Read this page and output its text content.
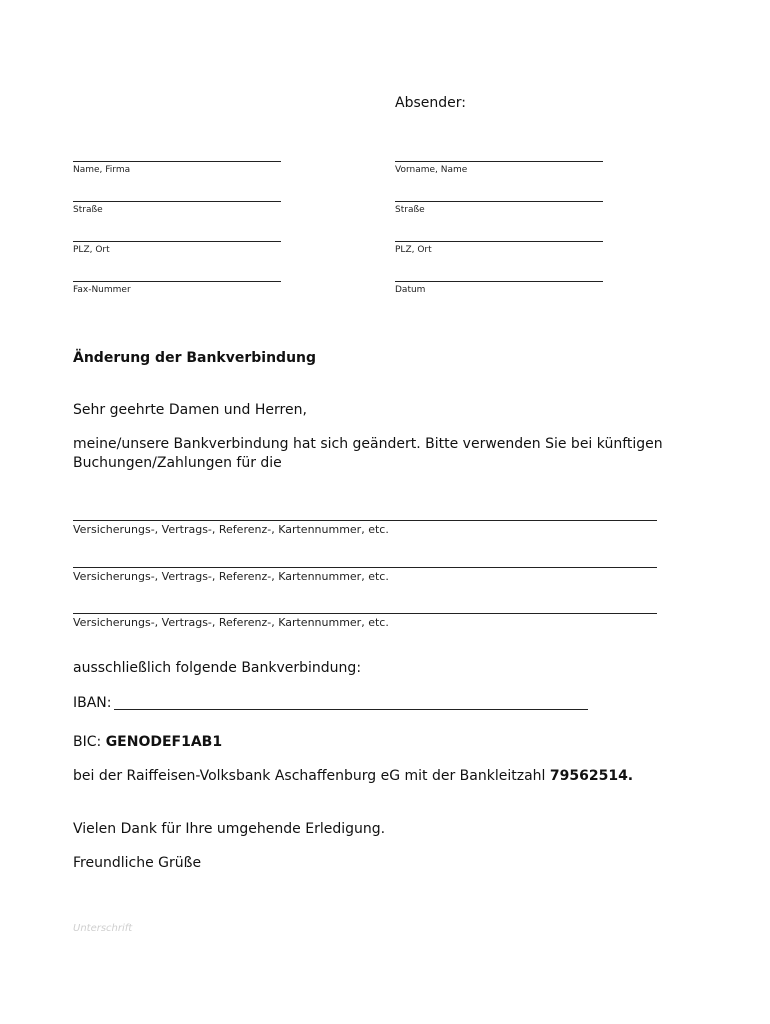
Absender:
Name, Firma
Straße
PLZ, Ort
Fax-Nummer
Vorname, Name
Straße
PLZ, Ort
Datum
Änderung der Bankverbindung
Sehr geehrte Damen und Herren,
meine/unsere Bankverbindung hat sich geändert. Bitte verwenden Sie bei künftigen
Buchungen/Zahlungen für die
Versicherungs-, Vertrags-, Referenz-, Kartennummer, etc.
Versicherungs-, Vertrags-, Referenz-, Kartennummer, etc.
Versicherungs-, Vertrags-, Referenz-, Kartennummer, etc.
ausschließlich folgende Bankverbindung:
IBAN:
BIC: GENODEF1AB1
bei der Raiffeisen-Volksbank Aschaffenburg eG mit der Bankleitzahl 79562514.
Vielen Dank für Ihre umgehende Erledigung.
Freundliche Grüße
Unterschrift
